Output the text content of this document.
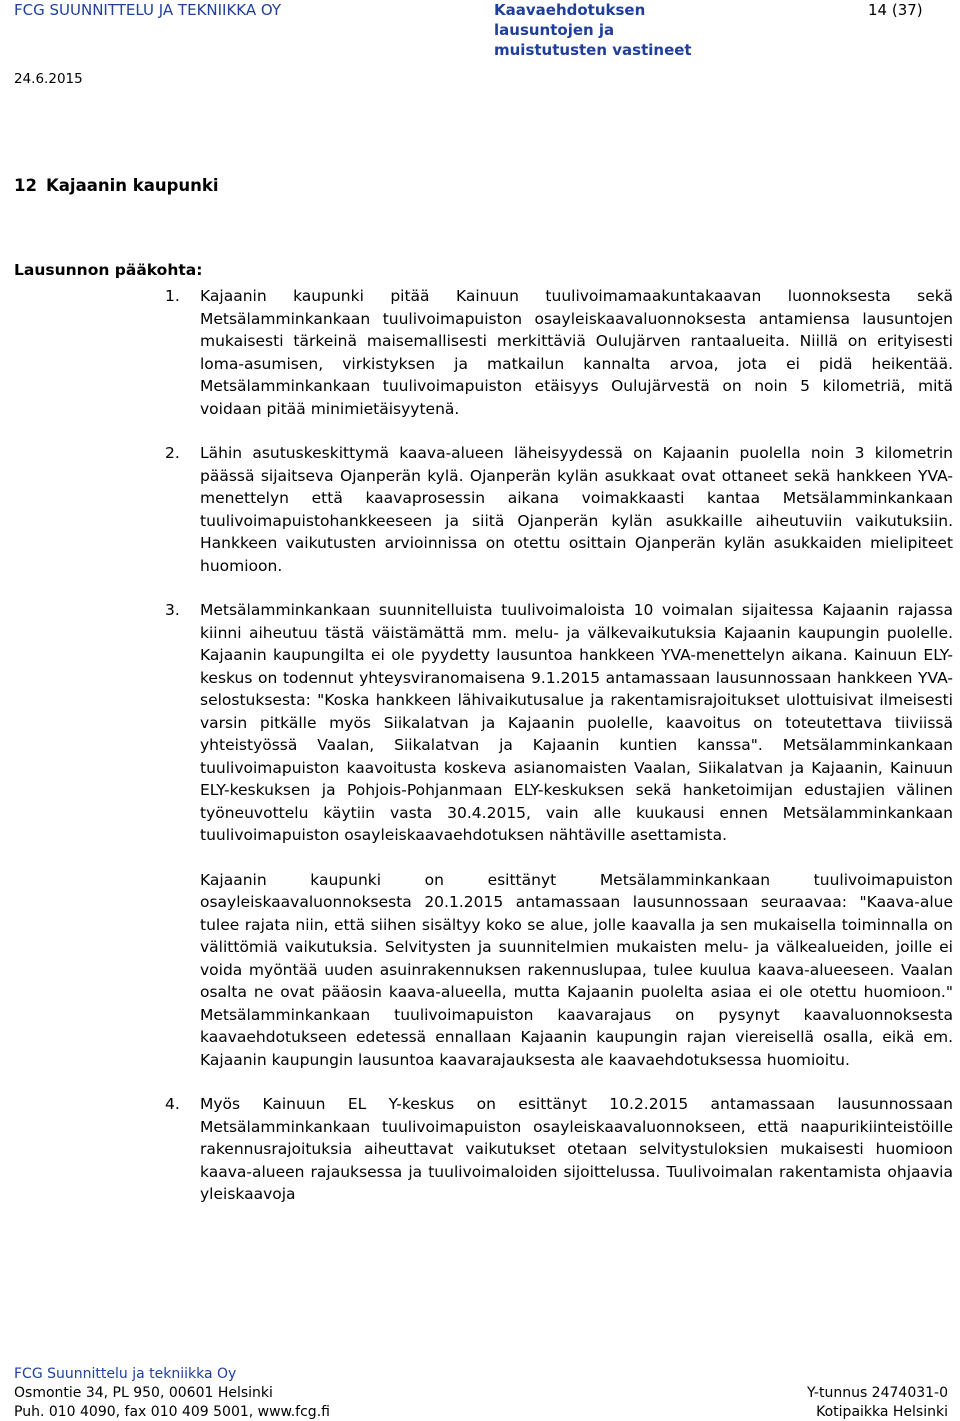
FCG SUUNNITTELU JA TEKNIIKKA OY	Kaavaehdotuksen
lausuntojen ja
muistutusten vastineet
14 (37)
24.6.2015
12 Kajaanin kaupunki
Lausunnon pääkohta:
1. Kajaanin kaupunki pitää Kainuun tuulivoimamaakuntakaavan luonnoksesta sekä Metsälamminkankaan tuulivoimapuiston osayleiskaavaluonnoksesta antamiensa lausuntojen mukaisesti tärkeinä maisemallisesti merkittäviä Oulujärven rantaalueita. Niillä on erityisesti loma-asumisen, virkistyksen ja matkailun kannalta arvoa, jota ei pidä heikentää. Metsälamminkankaan tuulivoimapuiston etäisyys Oulujärvestä on noin 5 kilometriä, mitä voidaan pitää minimietäisyytenä.

2. Lähin asutuskeskittymä kaava-alueen läheisyydessä on Kajaanin puolella noin 3 kilometrin päässä sijaitseva Ojanperän kylä. Ojanperän kylän asukkaat ovat ottaneet sekä hankkeen YVA-menettelyn että kaavaprosessin aikana voimakkaasti kantaa Metsälamminkankaan tuulivoimapuistohankkeeseen ja siitä Ojanperän kylän asukkaille aiheutuviin vaikutuksiin. Hankkeen vaikutusten arvioinnissa on otettu osittain Ojanperän kylän asukkaiden mielipiteet huomioon.

3. Metsälamminkankaan suunnitelluista tuulivoimaloista 10 voimalan sijaitessa Kajaanin rajassa kiinni aiheutuu tästä väistämättä mm. melu- ja välkevaikutuksia Kajaanin kaupungin puolelle. Kajaanin kaupungilta ei ole pyydetty lausuntoa hankkeen YVA-menettelyn aikana. Kainuun ELY-keskus on todennut yhteysviranomaisena 9.1.2015 antamassaan lausunnossaan hankkeen YVA-selostuksesta: "Koska hankkeen lähivaikutusalue ja rakentamisrajoitukset ulottuisivat ilmeisesti varsin pitkälle myös Siikalatvan ja Kajaanin puolelle, kaavoitus on toteutettava tiiviissä yhteistyössä Vaalan, Siikalatvan ja Kajaanin kuntien kanssa". Metsälamminkankaan tuulivoimapuiston kaavoitusta koskeva asianomaisten Vaalan, Siikalatvan ja Kajaanin, Kainuun ELY-keskuksen ja Pohjois-Pohjanmaan ELY-keskuksen sekä hanketoimijan edustajien välinen työneuvottelu käytiin vasta 30.4.2015, vain alle kuukausi ennen Metsälamminkankaan tuulivoimapuiston osayleiskaavaehdotuksen nähtäville asettamista.

Kajaanin kaupunki on esittänyt Metsälamminkankaan tuulivoimapuiston osayleiskaavaluonnoksesta 20.1.2015 antamassaan lausunnossaan seuraavaa: "Kaava-alue tulee rajata niin, että siihen sisältyy koko se alue, jolle kaavalla ja sen mukaisella toiminnalla on välittömiä vaikutuksia. Selvitysten ja suunnitelmien mukaisten melu- ja välkealueiden, joille ei voida myöntää uuden asuinrakennuksen rakennuslupaa, tulee kuulua kaava-alueeseen. Vaalan osalta ne ovat pääosin kaava-alueella, mutta Kajaanin puolelta asiaa ei ole otettu huomioon." Metsälamminkankaan tuulivoimapuiston kaavarajaus on pysynyt kaavaluonnoksesta kaavaehdotukseen edetessä ennallaan Kajaanin kaupungin rajan viereisellä osalla, eikä em. Kajaanin kaupungin lausuntoa kaavarajauksesta ale kaavaehdotuksessa huomioitu.

4. Myös Kainuun EL Y-keskus on esittänyt 10.2.2015 antamassaan lausunnossaan Metsälamminkankaan tuulivoimapuiston osayleiskaavaluonnokseen, että naapurikiinteistöille rakennusrajoituksia aiheuttavat vaikutukset otetaan selvitystuloksien mukaisesti huomioon kaava-alueen rajauksessa ja tuulivoimaloiden sijoittelussa. Tuulivoimalan rakentamista ohjaavia yleiskaavoja

FCG Suunnittelu ja tekniikka Oy
Osmontie 34, PL 950, 00601 Helsinki
Puh. 010 4090, fax 010 409 5001, www.fcg.fi
Y-tunnus 2474031-0
Kotipaikka Helsinki
